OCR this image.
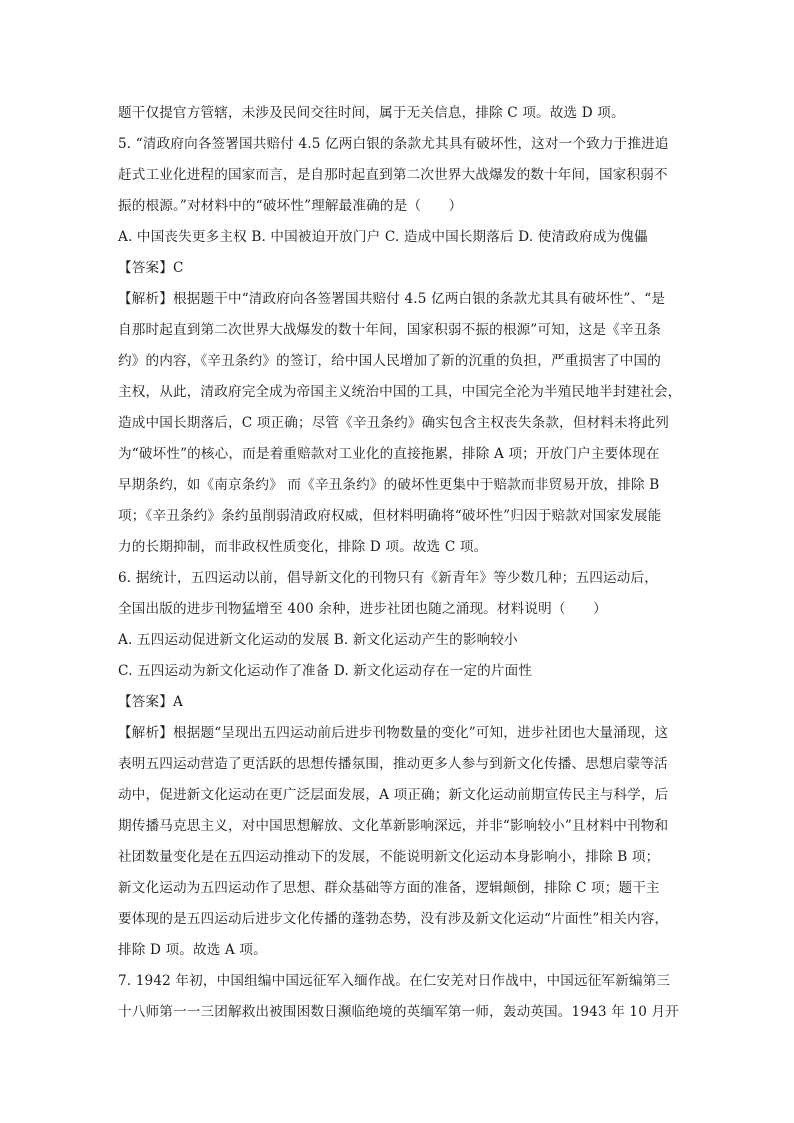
题干仅提官方管辖，未涉及民间交往时间，属于无关信息，排除 C 项。故选 D 项。
5. “清政府向各签署国共赔付 4.5 亿两白银的条款尤其具有破坏性，这对一个致力于推进追
赶式工业化进程的国家而言，是自那时起直到第二次世界大战爆发的数十年间，国家积弱不
振的根源。”对材料中的“破坏性”理解最准确的是（　　）
A. 中国丧失更多主权 B. 中国被迫开放门户 C. 造成中国长期落后 D. 使清政府成为傀儡
【答案】C
【解析】根据题干中“清政府向各签署国共赔付 4.5 亿两白银的条款尤其具有破坏性”、“是
自那时起直到第二次世界大战爆发的数十年间，国家积弱不振的根源”可知，这是《辛丑条
约》的内容，《辛丑条约》的签订，给中国人民增加了新的沉重的负担，严重损害了中国的
主权，从此，清政府完全成为帝国主义统治中国的工具，中国完全沦为半殖民地半封建社会，
造成中国长期落后，C 项正确；尽管《辛丑条约》确实包含主权丧失条款，但材料未将此列
为“破坏性”的核心，而是着重赔款对工业化的直接拖累，排除 A 项；开放门户主要体现在
早期条约，如《南京条约》 而《辛丑条约》的破坏性更集中于赔款而非贸易开放，排除 B
项；《辛丑条约》条约虽削弱清政府权威，但材料明确将“破坏性”归因于赔款对国家发展能
力的长期抑制，而非政权性质变化，排除 D 项。故选 C 项。
6. 据统计，五四运动以前，倡导新文化的刊物只有《新青年》等少数几种；五四运动后，
全国出版的进步刊物猛增至 400 余种，进步社团也随之涌现。材料说明（　　）
A. 五四运动促进新文化运动的发展 B. 新文化运动产生的影响较小
C. 五四运动为新文化运动作了准备 D. 新文化运动存在一定的片面性
【答案】A
【解析】根据题“呈现出五四运动前后进步刊物数量的变化”可知，进步社团也大量涌现，这
表明五四运动营造了更活跃的思想传播氛围，推动更多人参与到新文化传播、思想启蒙等活
动中，促进新文化运动在更广泛层面发展，A 项正确；新文化运动前期宣传民主与科学，后
期传播马克思主义，对中国思想解放、文化革新影响深远，并非“影响较小”且材料中刊物和
社团数量变化是在五四运动推动下的发展，不能说明新文化运动本身影响小，排除 B 项；
新文化运动为五四运动作了思想、群众基础等方面的准备，逻辑颠倒，排除 C 项；题干主
要体现的是五四运动后进步文化传播的蓬勃态势，没有涉及新文化运动“片面性”相关内容，
排除 D 项。故选 A 项。
7. 1942 年初，中国组编中国远征军入缅作战。在仁安羌对日作战中，中国远征军新编第三
十八师第一一三团解救出被围困数日濒临绝境的英缅军第一师，轰动英国。1943 年 10 月开
